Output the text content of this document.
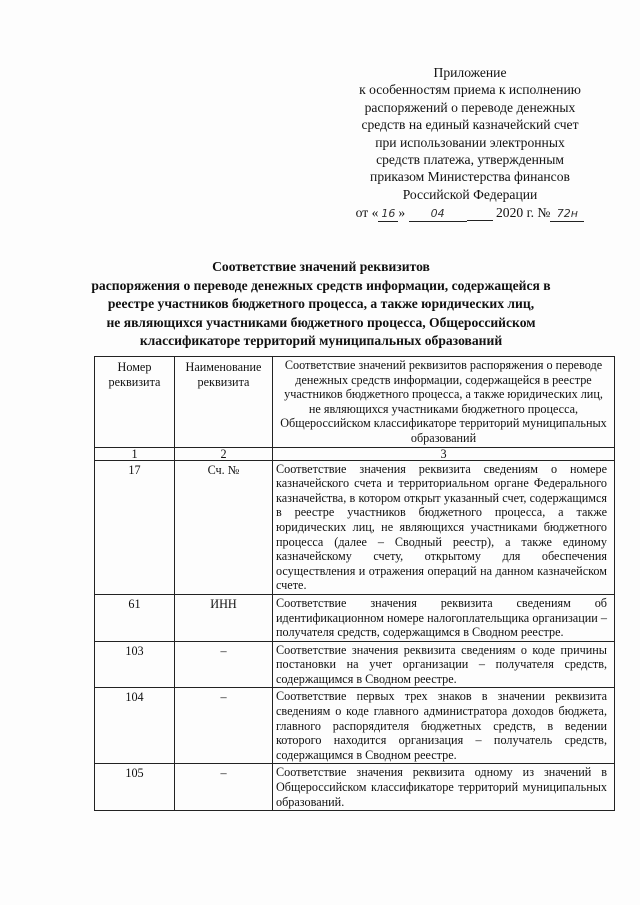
Приложение
к особенностям приема к исполнению
распоряжений о переводе денежных
средств на единый казначейский счет
при использовании электронных
средств платежа, утвержденным
приказом Министерства финансов
Российской Федерации
от « 16 » 04	2020 г. № 72н
Соответствие значений реквизитов
распоряжения о переводе денежных средств информации, содержащейся в
реестре участников бюджетного процесса, а также юридических лиц,
не являющихся участниками бюджетного процесса, Общероссийском
классификаторе территорий муниципальных образований
Номер реквизита	Наименование реквизита	Соответствие значений реквизитов распоряжения о переводе денежных средств информации, содержащейся в реестре участников бюджетного процесса, а также юридических лиц, не являющихся участниками бюджетного процесса, Общероссийском классификаторе территорий муниципальных образований
1	2	3
17	Сч. №	Соответствие значения реквизита сведениям о номере казначейского счета и территориальном органе Федерального казначейства, в котором открыт указанный счет, содержащимся в реестре участников бюджетного процесса, а также юридических лиц, не являющихся участниками бюджетного процесса (далее – Сводный реестр), а также единому казначейскому счету, открытому для обеспечения осуществления и отражения операций на данном казначейском счете.

61	ИНН	Соответствие значения реквизита сведениям об идентификационном номере налогоплательщика организации – получателя средств, содержащимся в Сводном реестре.

103	–	Соответствие значения реквизита сведениям о коде причины постановки на учет организации – получателя средств, содержащимся в Сводном реестре.

104	–	Соответствие первых трех знаков в значении реквизита сведениям о коде главного администратора доходов бюджета, главного распорядителя бюджетных средств, в ведении которого находится организация – получатель средств, содержащимся в Сводном реестре.

105	–	Соответствие значения реквизита одному из значений в Общероссийском классификаторе территорий муниципальных образований.
